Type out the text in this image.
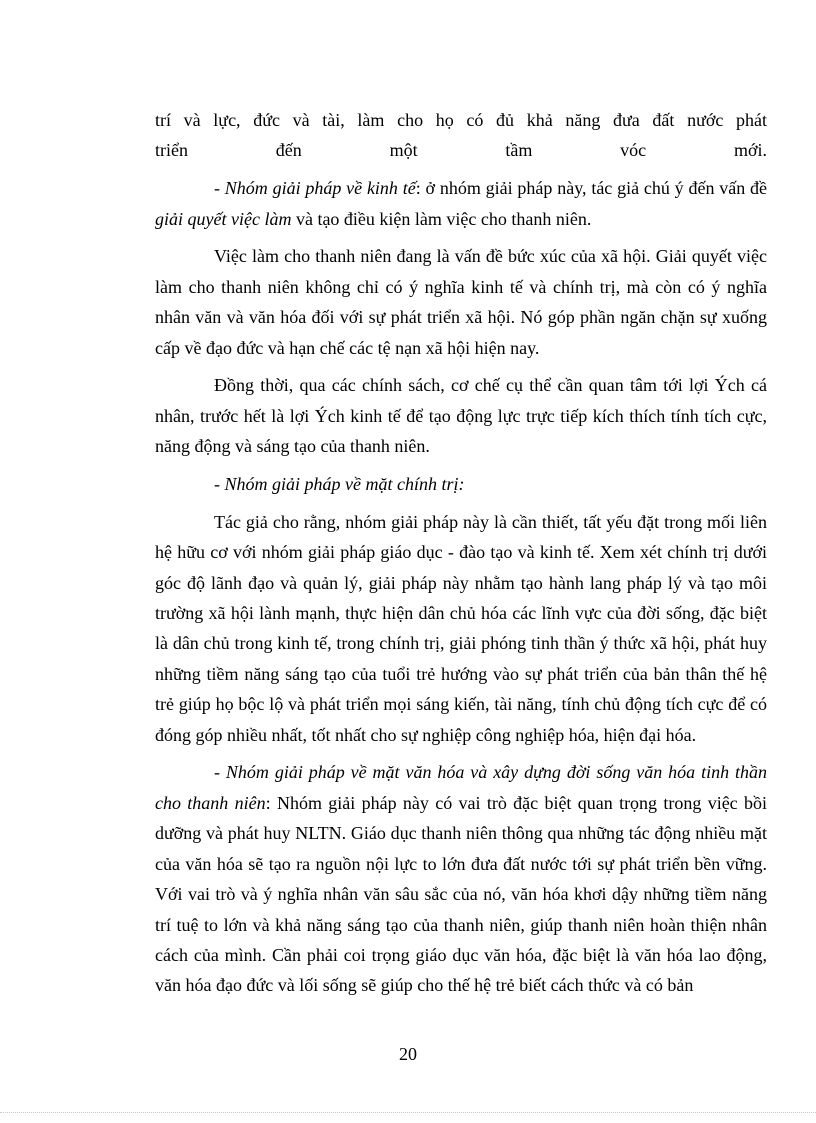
trí và lực, đức và tài, làm cho họ có đủ khả năng đưa đất nước phát
triển đến một tầm vóc mới.

- Nhóm giải pháp về kinh tế: ở nhóm giải pháp này, tác giả chú ý đến vấn đề giải quyết việc làm và tạo điều kiện làm việc cho thanh niên.

Việc làm cho thanh niên đang là vấn đề bức xúc của xã hội. Giải quyết việc làm cho thanh niên không chỉ có ý nghĩa kinh tế và chính trị, mà còn có ý nghĩa nhân văn và văn hóa đối với sự phát triển xã hội. Nó góp phần ngăn chặn sự xuống cấp về đạo đức và hạn chế các tệ nạn xã hội hiện nay.

Đồng thời, qua các chính sách, cơ chế cụ thể cần quan tâm tới lợi Ých cá nhân, trước hết là lợi Ých kinh tế để tạo động lực trực tiếp kích thích tính tích cực, năng động và sáng tạo của thanh niên.

- Nhóm giải pháp về mặt chính trị:

Tác giả cho rằng, nhóm giải pháp này là cần thiết, tất yếu đặt trong mối liên hệ hữu cơ với nhóm giải pháp giáo dục - đào tạo và kinh tế. Xem xét chính trị dưới góc độ lãnh đạo và quản lý, giải pháp này nhằm tạo hành lang pháp lý và tạo môi trường xã hội lành mạnh, thực hiện dân chủ hóa các lĩnh vực của đời sống, đặc biệt là dân chủ trong kinh tế, trong chính trị, giải phóng tinh thần ý thức xã hội, phát huy những tiềm năng sáng tạo của tuổi trẻ hướng vào sự phát triển của bản thân thế hệ trẻ giúp họ bộc lộ và phát triển mọi sáng kiến, tài năng, tính chủ động tích cực để có đóng góp nhiều nhất, tốt nhất cho sự nghiệp công nghiệp hóa, hiện đại hóa.

- Nhóm giải pháp về mặt văn hóa và xây dựng đời sống văn hóa tinh thần cho thanh niên: Nhóm giải pháp này có vai trò đặc biệt quan trọng trong việc bồi dưỡng và phát huy NLTN. Giáo dục thanh niên thông qua những tác động nhiều mặt của văn hóa sẽ tạo ra nguồn nội lực to lớn đưa đất nước tới sự phát triển bền vững. Với vai trò và ý nghĩa nhân văn sâu sắc của nó, văn hóa khơi dậy những tiềm năng trí tuệ to lớn và khả năng sáng tạo của thanh niên, giúp thanh niên hoàn thiện nhân cách của mình. Cần phải coi trọng giáo dục văn hóa, đặc biệt là văn hóa lao động, văn hóa đạo đức và lối sống sẽ giúp cho thế hệ trẻ biết cách thức và có bản

20
